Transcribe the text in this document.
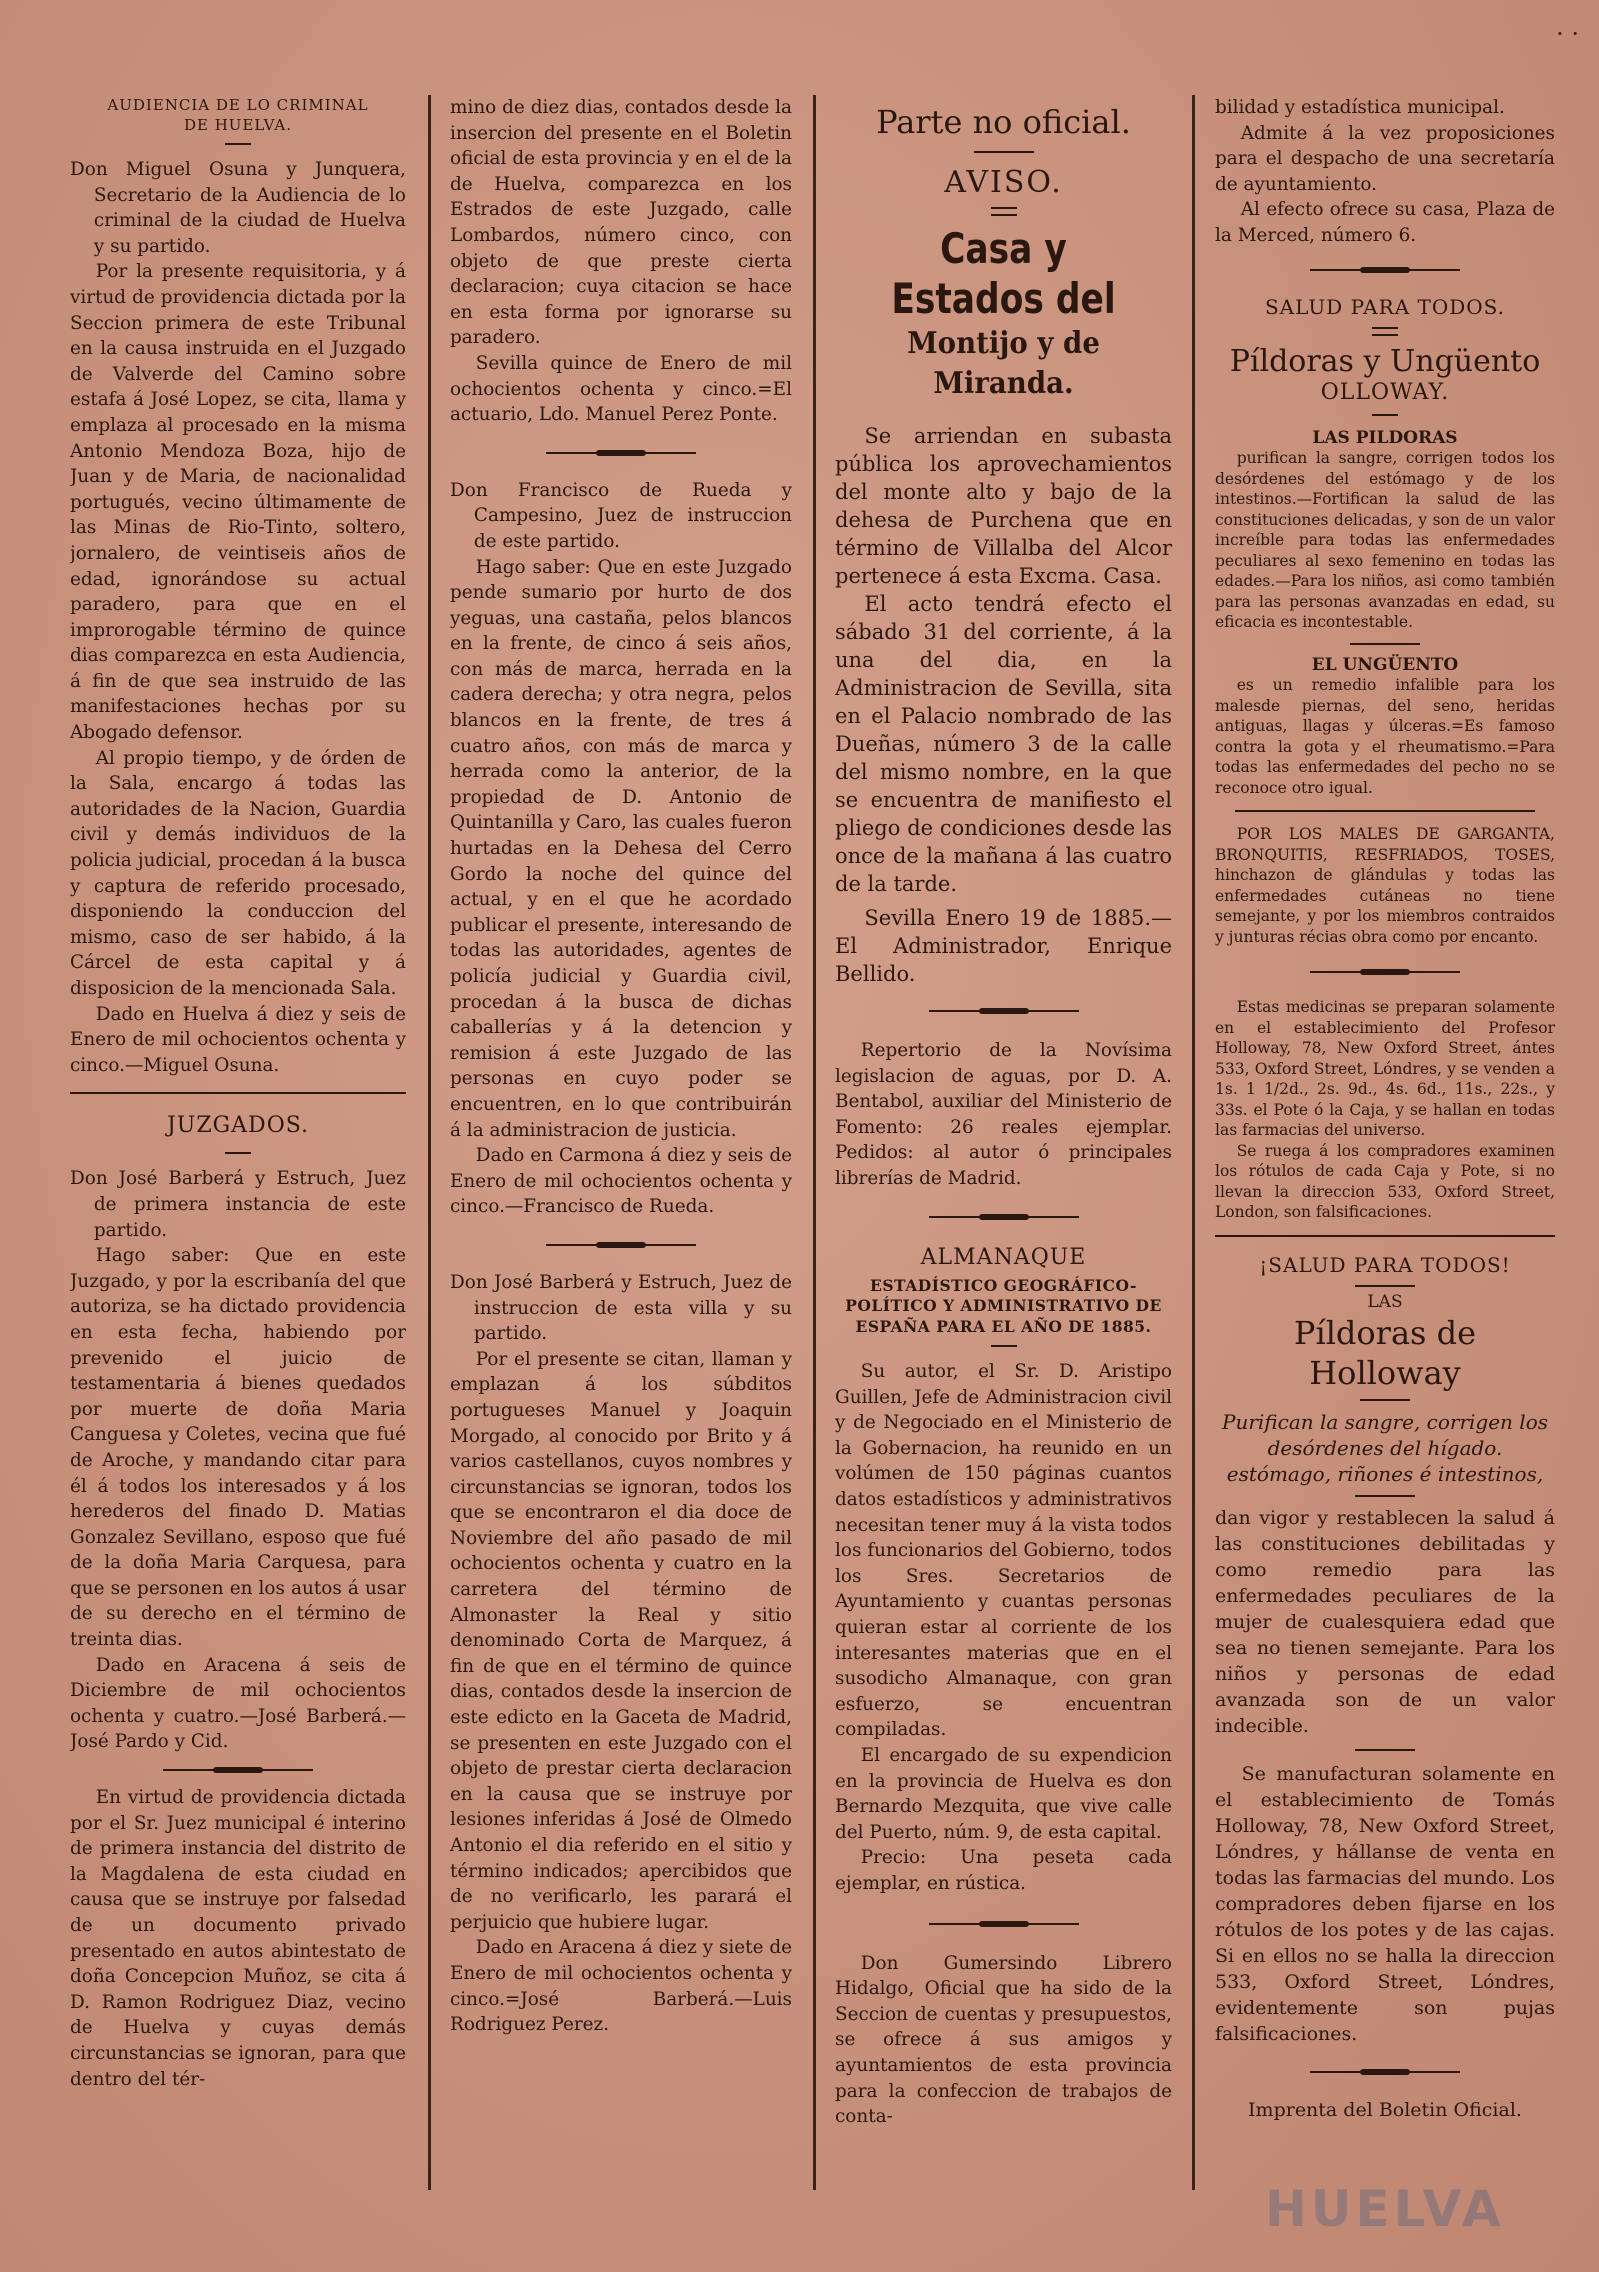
AUDIENCIA DE LO CRIMINAL
DE HUELVA.

Don Miguel Osuna y Junquera, Secretario de la Audiencia de lo criminal de la ciudad de Huelva y su partido.

Por la presente requisitoria, y á virtud de providencia dictada por la Seccion primera de este Tribunal en la causa instruida en el Juzgado de Valverde del Camino sobre estafa á José Lopez, se cita, llama y emplaza al procesado en la misma Antonio Mendoza Boza, hijo de Juan y de Maria, de nacionalidad portugués, vecino últimamente de las Minas de Rio-Tinto, soltero, jornalero, de veintiseis años de edad, ignorándose su actual paradero, para que en el improrogable término de quince dias comparezca en esta Audiencia, á fin de que sea instruido de las manifestaciones hechas por su Abogado defensor.

Al propio tiempo, y de órden de la Sala, encargo á todas las autoridades de la Nacion, Guardia civil y demás individuos de la policia judicial, procedan á la busca y captura de referido procesado, disponiendo la conduccion del mismo, caso de ser habido, á la Cárcel de esta capital y á disposicion de la mencionada Sala.

Dado en Huelva á diez y seis de Enero de mil ochocientos ochenta y cinco.—Miguel Osuna.

JUZGADOS.

Don José Barberá y Estruch, Juez de primera instancia de este partido.

Hago saber: Que en este Juzgado, y por la escribanía del que autoriza, se ha dictado providencia en esta fecha, habiendo por prevenido el juicio de testamentaria á bienes quedados por muerte de doña Maria Canguesa y Coletes, vecina que fué de Aroche, y mandando citar para él á todos los interesados y á los herederos del finado D. Matias Gonzalez Sevillano, esposo que fué de la doña Maria Carquesa, para que se personen en los autos á usar de su derecho en el término de treinta dias.

Dado en Aracena á seis de Diciembre de mil ochocientos ochenta y cuatro.—José Barberá.—José Pardo y Cid.

En virtud de providencia dictada por el Sr. Juez municipal é interino de primera instancia del distrito de la Magdalena de esta ciudad en causa que se instruye por falsedad de un documento privado presentado en autos abintestato de doña Concepcion Muñoz, se cita á D. Ramon Rodriguez Diaz, vecino de Huelva y cuyas demás circunstancias se ignoran, para que dentro del tér-

mino de diez dias, contados desde la insercion del presente en el Boletin oficial de esta provincia y en el de la de Huelva, comparezca en los Estrados de este Juzgado, calle Lombardos, número cinco, con objeto de que preste cierta declaracion; cuya citacion se hace en esta forma por ignorarse su paradero.

Sevilla quince de Enero de mil ochocientos ochenta y cinco.=El actuario, Ldo. Manuel Perez Ponte.

Don Francisco de Rueda y Campesino, Juez de instruccion de este partido.

Hago saber: Que en este Juzgado pende sumario por hurto de dos yeguas, una castaña, pelos blancos en la frente, de cinco á seis años, con más de marca, herrada en la cadera derecha; y otra negra, pelos blancos en la frente, de tres á cuatro años, con más de marca y herrada como la anterior, de la propiedad de D. Antonio de Quintanilla y Caro, las cuales fueron hurtadas en la Dehesa del Cerro Gordo la noche del quince del actual, y en el que he acordado publicar el presente, interesando de todas las autoridades, agentes de policía judicial y Guardia civil, procedan á la busca de dichas caballerías y á la detencion y remision á este Juzgado de las personas en cuyo poder se encuentren, en lo que contribuirán á la administracion de justicia.

Dado en Carmona á diez y seis de Enero de mil ochocientos ochenta y cinco.—Francisco de Rueda.

Don José Barberá y Estruch, Juez de instruccion de esta villa y su partido.

Por el presente se citan, llaman y emplazan á los súbditos portugueses Manuel y Joaquin Morgado, al conocido por Brito y á varios castellanos, cuyos nombres y circunstancias se ignoran, todos los que se encontraron el dia doce de Noviembre del año pasado de mil ochocientos ochenta y cuatro en la carretera del término de Almonaster la Real y sitio denominado Corta de Marquez, á fin de que en el término de quince dias, contados desde la insercion de este edicto en la Gaceta de Madrid, se presenten en este Juzgado con el objeto de prestar cierta declaracion en la causa que se instruye por lesiones inferidas á José de Olmedo Antonio el dia referido en el sitio y término indicados; apercibidos que de no verificarlo, les parará el perjuicio que hubiere lugar.

Dado en Aracena á diez y siete de Enero de mil ochocientos ochenta y cinco.=José Barberá.—Luis Rodriguez Perez.

Parte no oficial.
AVISO.
Casa y Estados del
Montijo y de Miranda.

Se arriendan en subasta pública los aprovechamientos del monte alto y bajo de la dehesa de Purchena que en término de Villalba del Alcor pertenece á esta Excma. Casa.

El acto tendrá efecto el sábado 31 del corriente, á la una del dia, en la Administracion de Sevilla, sita en el Palacio nombrado de las Dueñas, número 3 de la calle del mismo nombre, en la que se encuentra de manifiesto el pliego de condiciones desde las once de la mañana á las cuatro de la tarde.

Sevilla Enero 19 de 1885.—El Administrador, Enrique Bellido.

Repertorio de la Novísima legislacion de aguas, por D. A. Bentabol, auxiliar del Ministerio de Fomento: 26 reales ejemplar. Pedidos: al autor ó principales librerías de Madrid.

ALMANAQUE
ESTADÍSTICO GEOGRÁFICO-POLÍTICO Y ADMINISTRATIVO DE ESPAÑA PARA EL AÑO DE 1885.

Su autor, el Sr. D. Aristipo Guillen, Jefe de Administracion civil y de Negociado en el Ministerio de la Gobernacion, ha reunido en un volúmen de 150 páginas cuantos datos estadísticos y administrativos necesitan tener muy á la vista todos los funcionarios del Gobierno, todos los Sres. Secretarios de Ayuntamiento y cuantas personas quieran estar al corriente de los interesantes materias que en el susodicho Almanaque, con gran esfuerzo, se encuentran compiladas.

El encargado de su expendicion en la provincia de Huelva es don Bernardo Mezquita, que vive calle del Puerto, núm. 9, de esta capital.

Precio: Una peseta cada ejemplar, en rústica.

Don Gumersindo Librero Hidalgo, Oficial que ha sido de la Seccion de cuentas y presupuestos, se ofrece á sus amigos y ayuntamientos de esta provincia para la confeccion de trabajos de conta-

bilidad y estadística municipal.

Admite á la vez proposiciones para el despacho de una secretaría de ayuntamiento.

Al efecto ofrece su casa, Plaza de la Merced, número 6.

SALUD PARA TODOS.
Píldoras y Ungüento
OLLOWAY.
LAS PILDORAS

purifican la sangre, corrigen todos los desórdenes del estómago y de los intestinos.—Fortifican la salud de las constituciones delicadas, y son de un valor increíble para todas las enfermedades peculiares al sexo femenino en todas las edades.—Para los niños, asi como también para las personas avanzadas en edad, su eficacia es incontestable.

EL UNGÜENTO

es un remedio infalible para los malesde piernas, del seno, heridas antiguas, llagas y úlceras.=Es famoso contra la gota y el rheumatismo.=Para todas las enfermedades del pecho no se reconoce otro igual.

POR LOS MALES DE GARGANTA, BRONQUITIS, RESFRIADOS, TOSES, hinchazon de glándulas y todas las enfermedades cutáneas no tiene semejante, y por los miembros contraidos y junturas récias obra como por encanto.

Estas medicinas se preparan solamente en el establecimiento del Profesor Holloway, 78, New Oxford Street, ántes 533, Oxford Street, Lóndres, y se venden a 1s. 1 1/2d., 2s. 9d., 4s. 6d., 11s., 22s., y 33s. el Pote ó la Caja, y se hallan en todas las farmacias del universo.

Se ruega á los compradores examinen los rótulos de cada Caja y Pote, si no llevan la direccion 533, Oxford Street, London, son falsificaciones.

¡SALUD PARA TODOS!
LAS
Píldoras de Holloway

Purifican la sangre, corrigen los desórdenes del hígado. estómago, riñones é intestinos,

dan vigor y restablecen la salud á las constituciones debilitadas y como remedio para las enfermedades peculiares de la mujer de cualesquiera edad que sea no tienen semejante. Para los niños y personas de edad avanzada son de un valor indecible.

Se manufacturan solamente en el establecimiento de Tomás Holloway, 78, New Oxford Street, Lóndres, y hállanse de venta en todas las farmacias del mundo. Los compradores deben fijarse en los rótulos de los potes y de las cajas. Si en ellos no se halla la direccion 533, Oxford Street, Lóndres, evidentemente son pujas falsificaciones.

Imprenta del Boletin Oficial.
· ·
HUELVA
